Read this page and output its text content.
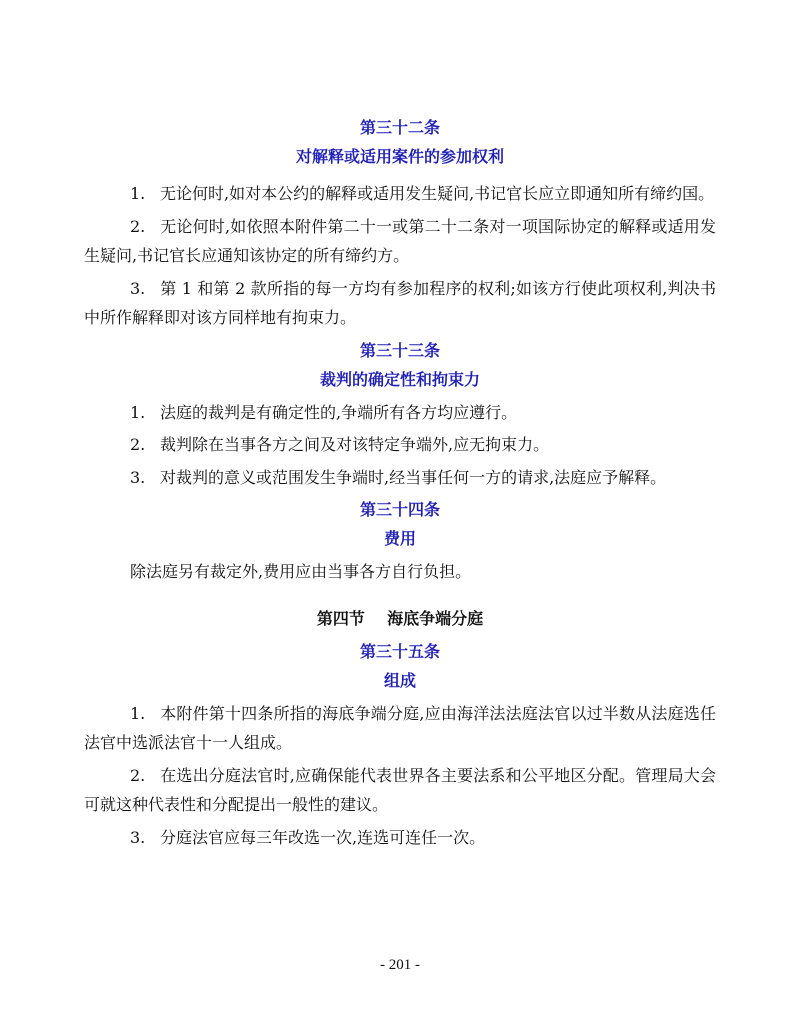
第三十二条

对解释或适用案件的参加权利

1. 无论何时,如对本公约的解释或适用发生疑问,书记官长应立即通知所有缔约国。

2. 无论何时,如依照本附件第二十一或第二十二条对一项国际协定的解释或适用发生疑问,书记官长应通知该协定的所有缔约方。

3. 第 1 和第 2 款所指的每一方均有参加程序的权利;如该方行使此项权利,判决书中所作解释即对该方同样地有拘束力。

第三十三条

裁判的确定性和拘束力

1. 法庭的裁判是有确定性的,争端所有各方均应遵行。

2. 裁判除在当事各方之间及对该特定争端外,应无拘束力。

3. 对裁判的意义或范围发生争端时,经当事任何一方的请求,法庭应予解释。

第三十四条

费用

除法庭另有裁定外,费用应由当事各方自行负担。

第四节    海底争端分庭

第三十五条

组成

1. 本附件第十四条所指的海底争端分庭,应由海洋法法庭法官以过半数从法庭选任法官中选派法官十一人组成。

2. 在选出分庭法官时,应确保能代表世界各主要法系和公平地区分配。管理局大会可就这种代表性和分配提出一般性的建议。

3. 分庭法官应每三年改选一次,连选可连任一次。

- 201 -
